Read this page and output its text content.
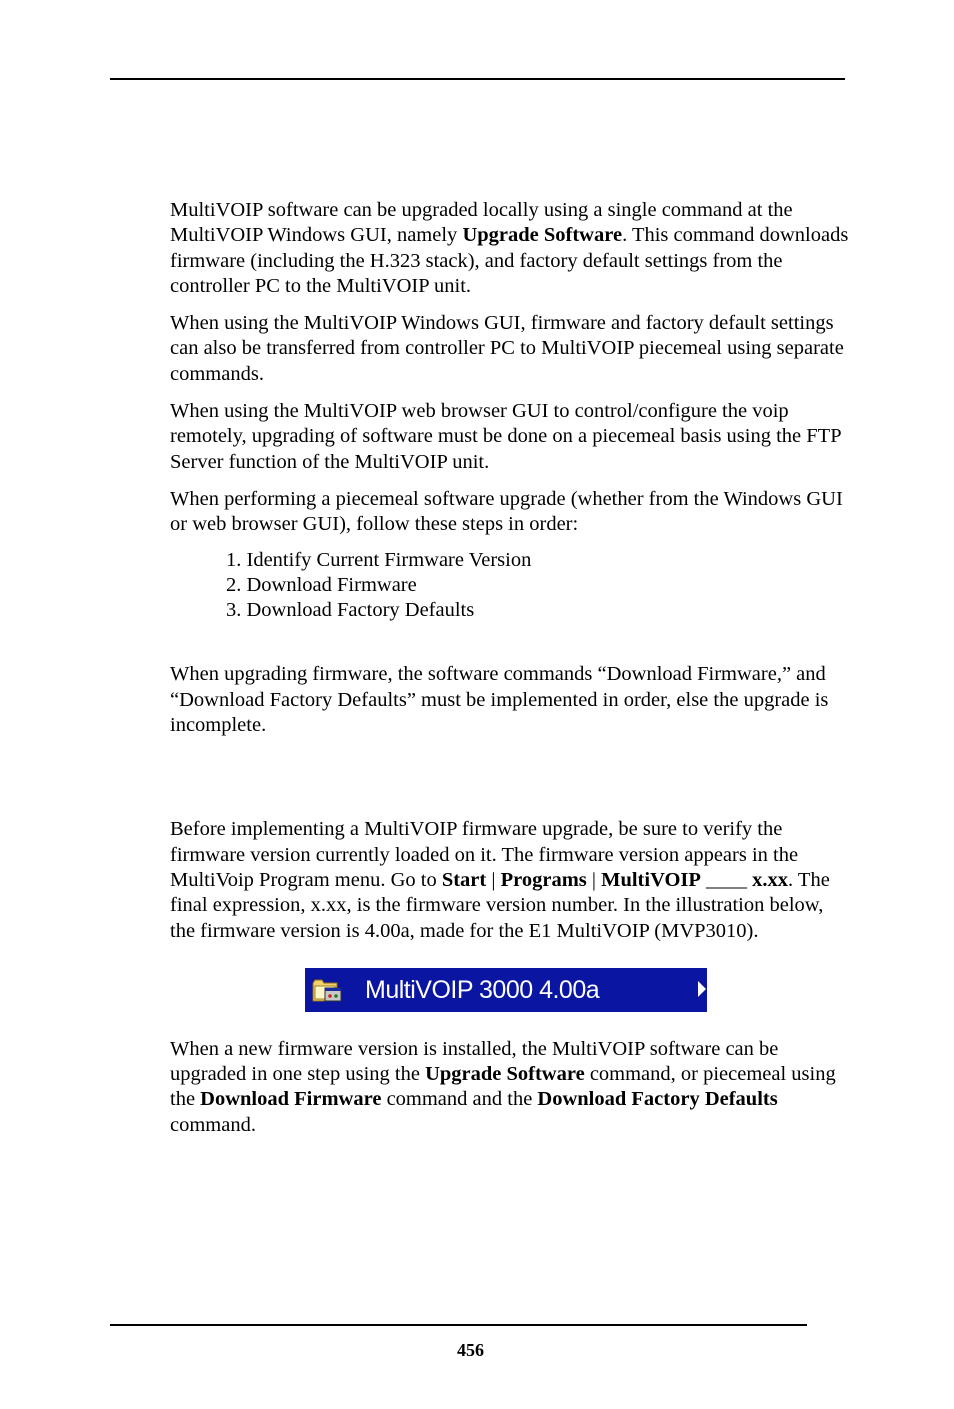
MultiVOIP software can be upgraded locally using a single command at the MultiVOIP Windows GUI, namely Upgrade Software. This command downloads firmware (including the H.323 stack), and factory default settings from the controller PC to the MultiVOIP unit.

When using the MultiVOIP Windows GUI, firmware and factory default settings can also be transferred from controller PC to MultiVOIP piecemeal using separate commands.

When using the MultiVOIP web browser GUI to control/configure the voip remotely, upgrading of software must be done on a piecemeal basis using the FTP Server function of the MultiVOIP unit.

When performing a piecemeal software upgrade (whether from the Windows GUI or web browser GUI), follow these steps in order:

1. Identify Current Firmware Version
2. Download Firmware
3. Download Factory Defaults

When upgrading firmware, the software commands “Download Firmware,” and “Download Factory Defaults” must be implemented in order, else the upgrade is incomplete.

Before implementing a MultiVOIP firmware upgrade, be sure to verify the firmware version currently loaded on it. The firmware version appears in the MultiVoip Program menu. Go to Start | Programs | MultiVOIP ____ x.xx. The final expression, x.xx, is the firmware version number. In the illustration below, the firmware version is 4.00a, made for the E1 MultiVOIP (MVP3010).

MultiVOIP 3000 4.00a

When a new firmware version is installed, the MultiVOIP software can be upgraded in one step using the Upgrade Software command, or piecemeal using the Download Firmware command and the Download Factory Defaults command.

456
